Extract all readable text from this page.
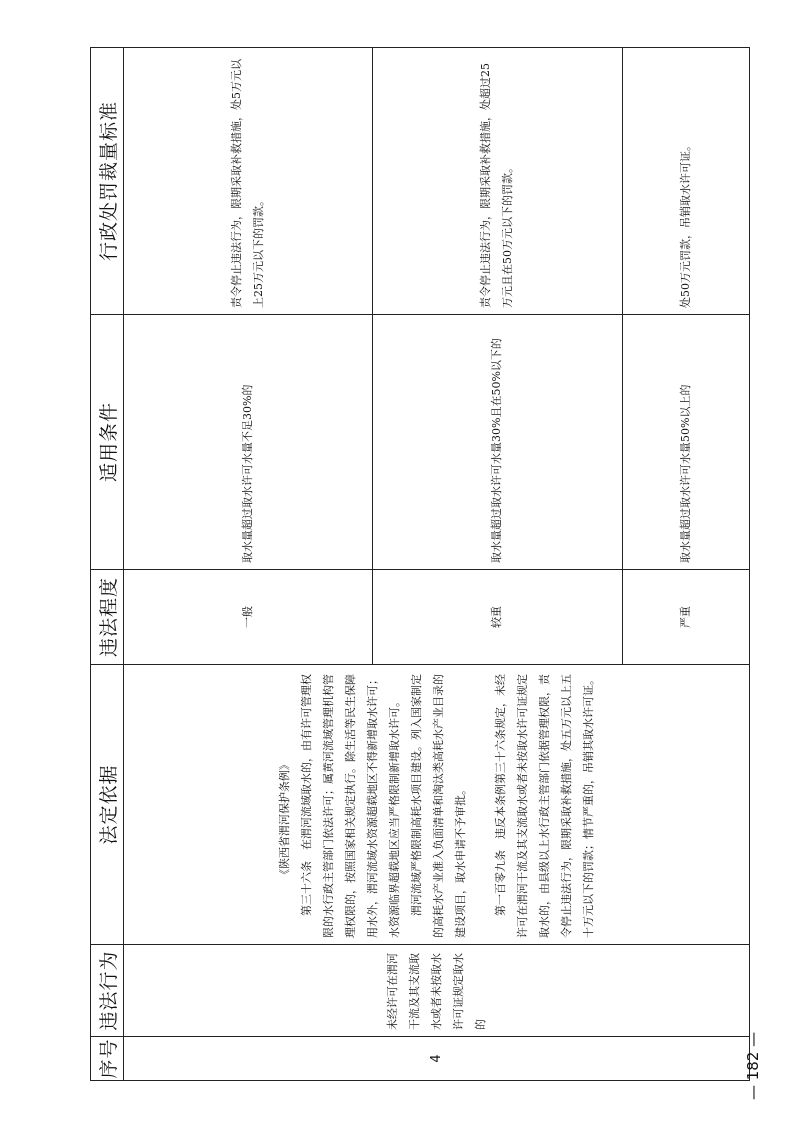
序号	违法行为	法定依据	违法程度	适用条件	行政处罚裁量标准
4	未经许可在渭河干流及其支流取水或者未按取水许可证规定取水的	《陕西省渭河保护条例》 第三十六条　在渭河流域取水的，由有许可管理权限的水行政主管部门依法许可；属黄河流域管理机构管理权限的，按照国家相关规定执行。除生活等民生保障用水外，渭河流域水资源超载地区不得新增取水许可；水资源临界超载地区应当严格限制新增取水许可。 渭河流域严格限制高耗水项目建设。列入国家制定的高耗水产业准入负面清单和淘汰类高耗水产业目录的建设项目，取水申请不予审批。 第一百零九条　违反本条例第三十六条规定，未经许可在渭河干流及其支流取水或者未按取水许可证规定取水的，由县级以上水行政主管部门依据管理权限，责令停止违法行为，限期采取补救措施，处五万元以上五十万元以下的罚款；情节严重的，吊销其取水许可证。	一般	取水量超过取水许可水量不足30%的	责令停止违法行为，限期采取补救措施，处5万元以上25万元以下的罚款。

			较重	取水量超过取水许可水量30%且在50%以下的	责令停止违法行为，限期采取补救措施，处超过25万元且在50万元以下的罚款。

			严重	取水量超过取水许可水量50%以上的	处50万元罚款，吊销取水许可证。
— 182 —
